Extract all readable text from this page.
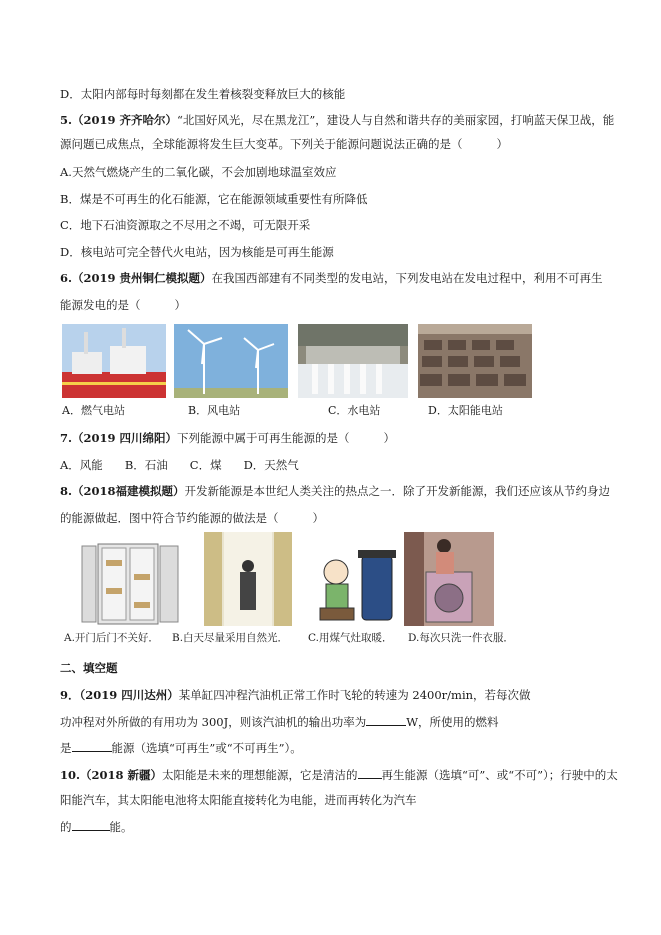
D．太阳内部每时每刻都在发生着核裂变释放巨大的核能
5.（2019 齐齐哈尔）“北国好风光，尽在黑龙江”，建设人与自然和谐共存的美丽家园，打响蓝天保卫战，能
源问题已成焦点，全球能源将发生巨大变革。下列关于能源问题说法正确的是（	）
A.天然气燃烧产生的二氧化碳，不会加剧地球温室效应
B．煤是不可再生的化石能源，它在能源领域重要性有所降低
C．地下石油资源取之不尽用之不竭，可无限开采
D．核电站可完全替代火电站，因为核能是可再生能源
6.（2019 贵州铜仁模拟题）在我国西部建有不同类型的发电站，下列发电站在发电过程中，利用不可再生
能源发电的是（	）
A．燃气电站	B．风电站	C．水电站	D．太阳能电站
7.（2019 四川绵阳）下列能源中属于可再生能源的是（	）
A．风能 B．石油 C．煤 D．天然气
8.（2018福建模拟题）开发新能源是本世纪人类关注的热点之一．除了开发新能源，我们还应该从节约身边
的能源做起．图中符合节约能源的做法是（	）
A.开门后门不关好． B.白天尽量采用自然光． C.用煤气灶取暖． D.每次只洗一件衣服．
二、填空题
9．（2019 四川达州）某单缸四冲程汽油机正常工作时飞轮的转速为 2400r/min，若每次做
功冲程对外所做的有用功为 300J，则该汽油机的输出功率为	W，所使用的燃料
是	能源（选填“可再生”或“不可再生”）。
10.（2018 新疆）太阳能是未来的理想能源，它是清洁的 再生能源（选填“可”、或“不可”）；行驶中的太
阳能汽车，其太阳能电池将太阳能直接转化为电能，进而再转化为汽车
的	能。
